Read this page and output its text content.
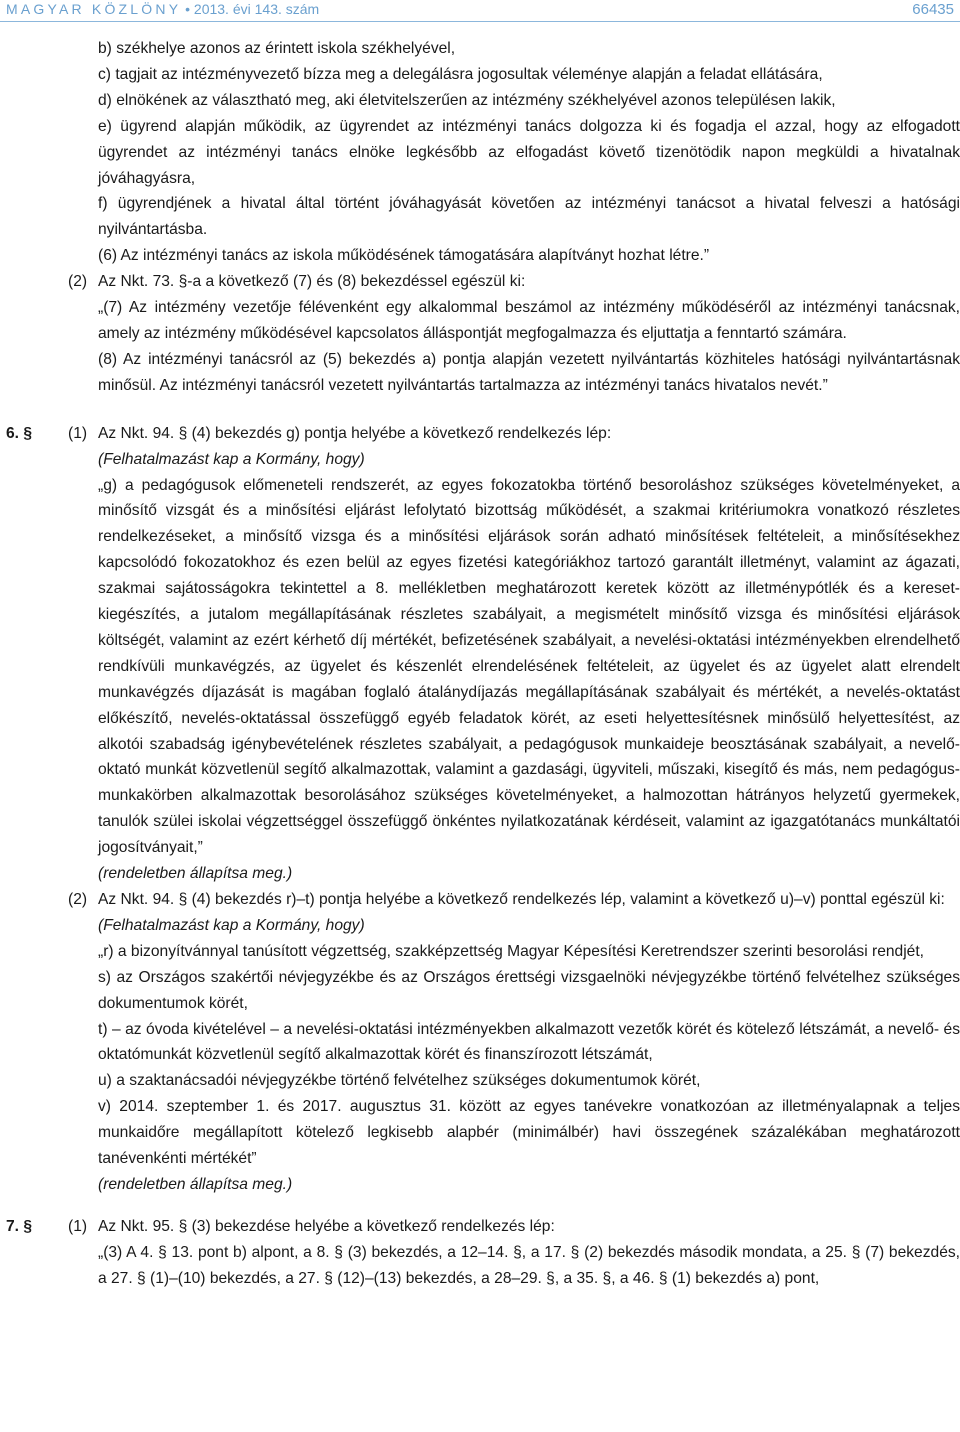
MAGYAR KÖZLÖNY • 2013. évi 143. szám	66435

b) székhelye azonos az érintett iskola székhelyével,

c) tagjait az intézményvezető bízza meg a delegálásra jogosultak véleménye alapján a feladat ellátására,

d) elnökének az választható meg, aki életvitelszerűen az intézmény székhelyével azonos településen lakik,

e) ügyrend alapján működik, az ügyrendet az intézményi tanács dolgozza ki és fogadja el azzal, hogy az elfogadott ügyrendet az intézményi tanács elnöke legkésőbb az elfogadást követő tizenötödik napon megküldi a hivatalnak jóváhagyásra,

f) ügyrendjének a hivatal által történt jóváhagyását követően az intézményi tanácsot a hivatal felveszi a hatósági nyilvántartásba.

(6) Az intézményi tanács az iskola működésének támogatására alapítványt hozhat létre.”

(2) Az Nkt. 73. §-a a következő (7) és (8) bekezdéssel egészül ki:

„(7) Az intézmény vezetője félévenként egy alkalommal beszámol az intézmény működéséről az intézményi tanácsnak, amely az intézmény működésével kapcsolatos álláspontját megfogalmazza és eljuttatja a fenntartó számára.

(8) Az intézményi tanácsról az (5) bekezdés a) pontja alapján vezetett nyilvántartás közhiteles hatósági nyilvántartásnak minősül. Az intézményi tanácsról vezetett nyilvántartás tartalmazza az intézményi tanács hivatalos nevét.”

6. § (1) Az Nkt. 94. § (4) bekezdés g) pontja helyébe a következő rendelkezés lép:

(Felhatalmazást kap a Kormány, hogy)

„g) a pedagógusok előmeneteli rendszerét, az egyes fokozatokba történő besoroláshoz szükséges követelményeket, a minősítő vizsgát és a minősítési eljárást lefolytató bizottság működését, a szakmai kritériumokra vonatkozó részletes rendelkezéseket, a minősítő vizsga és a minősítési eljárások során adható minősítések feltételeit, a minősítésekhez kapcsolódó fokozatokhoz és ezen belül az egyes fizetési kategóriákhoz tartozó garantált illetményt, valamint az ágazati, szakmai sajátosságokra tekintettel a 8. mellékletben meghatározott keretek között az illetménypótlék és a kereset-kiegészítés, a jutalom megállapításának részletes szabályait, a megismételt minősítő vizsga és minősítési eljárások költségét, valamint az ezért kérhető díj mértékét, befizetésének szabályait, a nevelési-oktatási intézményekben elrendelhető rendkívüli munkavégzés, az ügyelet és készenlét elrendelésének feltételeit, az ügyelet és az ügyelet alatt elrendelt munkavégzés díjazását is magában foglaló átalánydíjazás megállapításának szabályait és mértékét, a nevelés-oktatást előkészítő, nevelés-oktatással összefüggő egyéb feladatok körét, az eseti helyettesítésnek minősülő helyettesítést, az alkotói szabadság igénybevételének részletes szabályait, a pedagógusok munkaideje beosztásának szabályait, a nevelő-oktató munkát közvetlenül segítő alkalmazottak, valamint a gazdasági, ügyviteli, műszaki, kisegítő és más, nem pedagógus-munkakörben alkalmazottak besorolásához szükséges követelményeket, a halmozottan hátrányos helyzetű gyermekek, tanulók szülei iskolai végzettséggel összefüggő önkéntes nyilatkozatának kérdéseit, valamint az igazgatótanács munkáltatói jogosítványait,”

(rendeletben állapítsa meg.)

(2) Az Nkt. 94. § (4) bekezdés r)–t) pontja helyébe a következő rendelkezés lép, valamint a következő u)–v) ponttal egészül ki:

(Felhatalmazást kap a Kormány, hogy)

„r) a bizonyítvánnyal tanúsított végzettség, szakképzettség Magyar Képesítési Keretrendszer szerinti besorolási rendjét,

s) az Országos szakértői névjegyzékbe és az Országos érettségi vizsgaelnöki névjegyzékbe történő felvételhez szükséges dokumentumok körét,

t) – az óvoda kivételével – a nevelési-oktatási intézményekben alkalmazott vezetők körét és kötelező létszámát, a nevelő- és oktatómunkát közvetlenül segítő alkalmazottak körét és finanszírozott létszámát,

u) a szaktanácsadói névjegyzékbe történő felvételhez szükséges dokumentumok körét,

v) 2014. szeptember 1. és 2017. augusztus 31. között az egyes tanévekre vonatkozóan az illetményalapnak a teljes munkaidőre megállapított kötelező legkisebb alapbér (minimálbér) havi összegének százalékában meghatározott tanévenkénti mértékét”

(rendeletben állapítsa meg.)

7. § (1) Az Nkt. 95. § (3) bekezdése helyébe a következő rendelkezés lép:

„(3) A 4. § 13. pont b) alpont, a 8. § (3) bekezdés, a 12–14. §, a 17. § (2) bekezdés második mondata, a 25. § (7) bekezdés, a 27. § (1)–(10) bekezdés, a 27. § (12)–(13) bekezdés, a 28–29. §, a 35. §, a 46. § (1) bekezdés a) pont,
